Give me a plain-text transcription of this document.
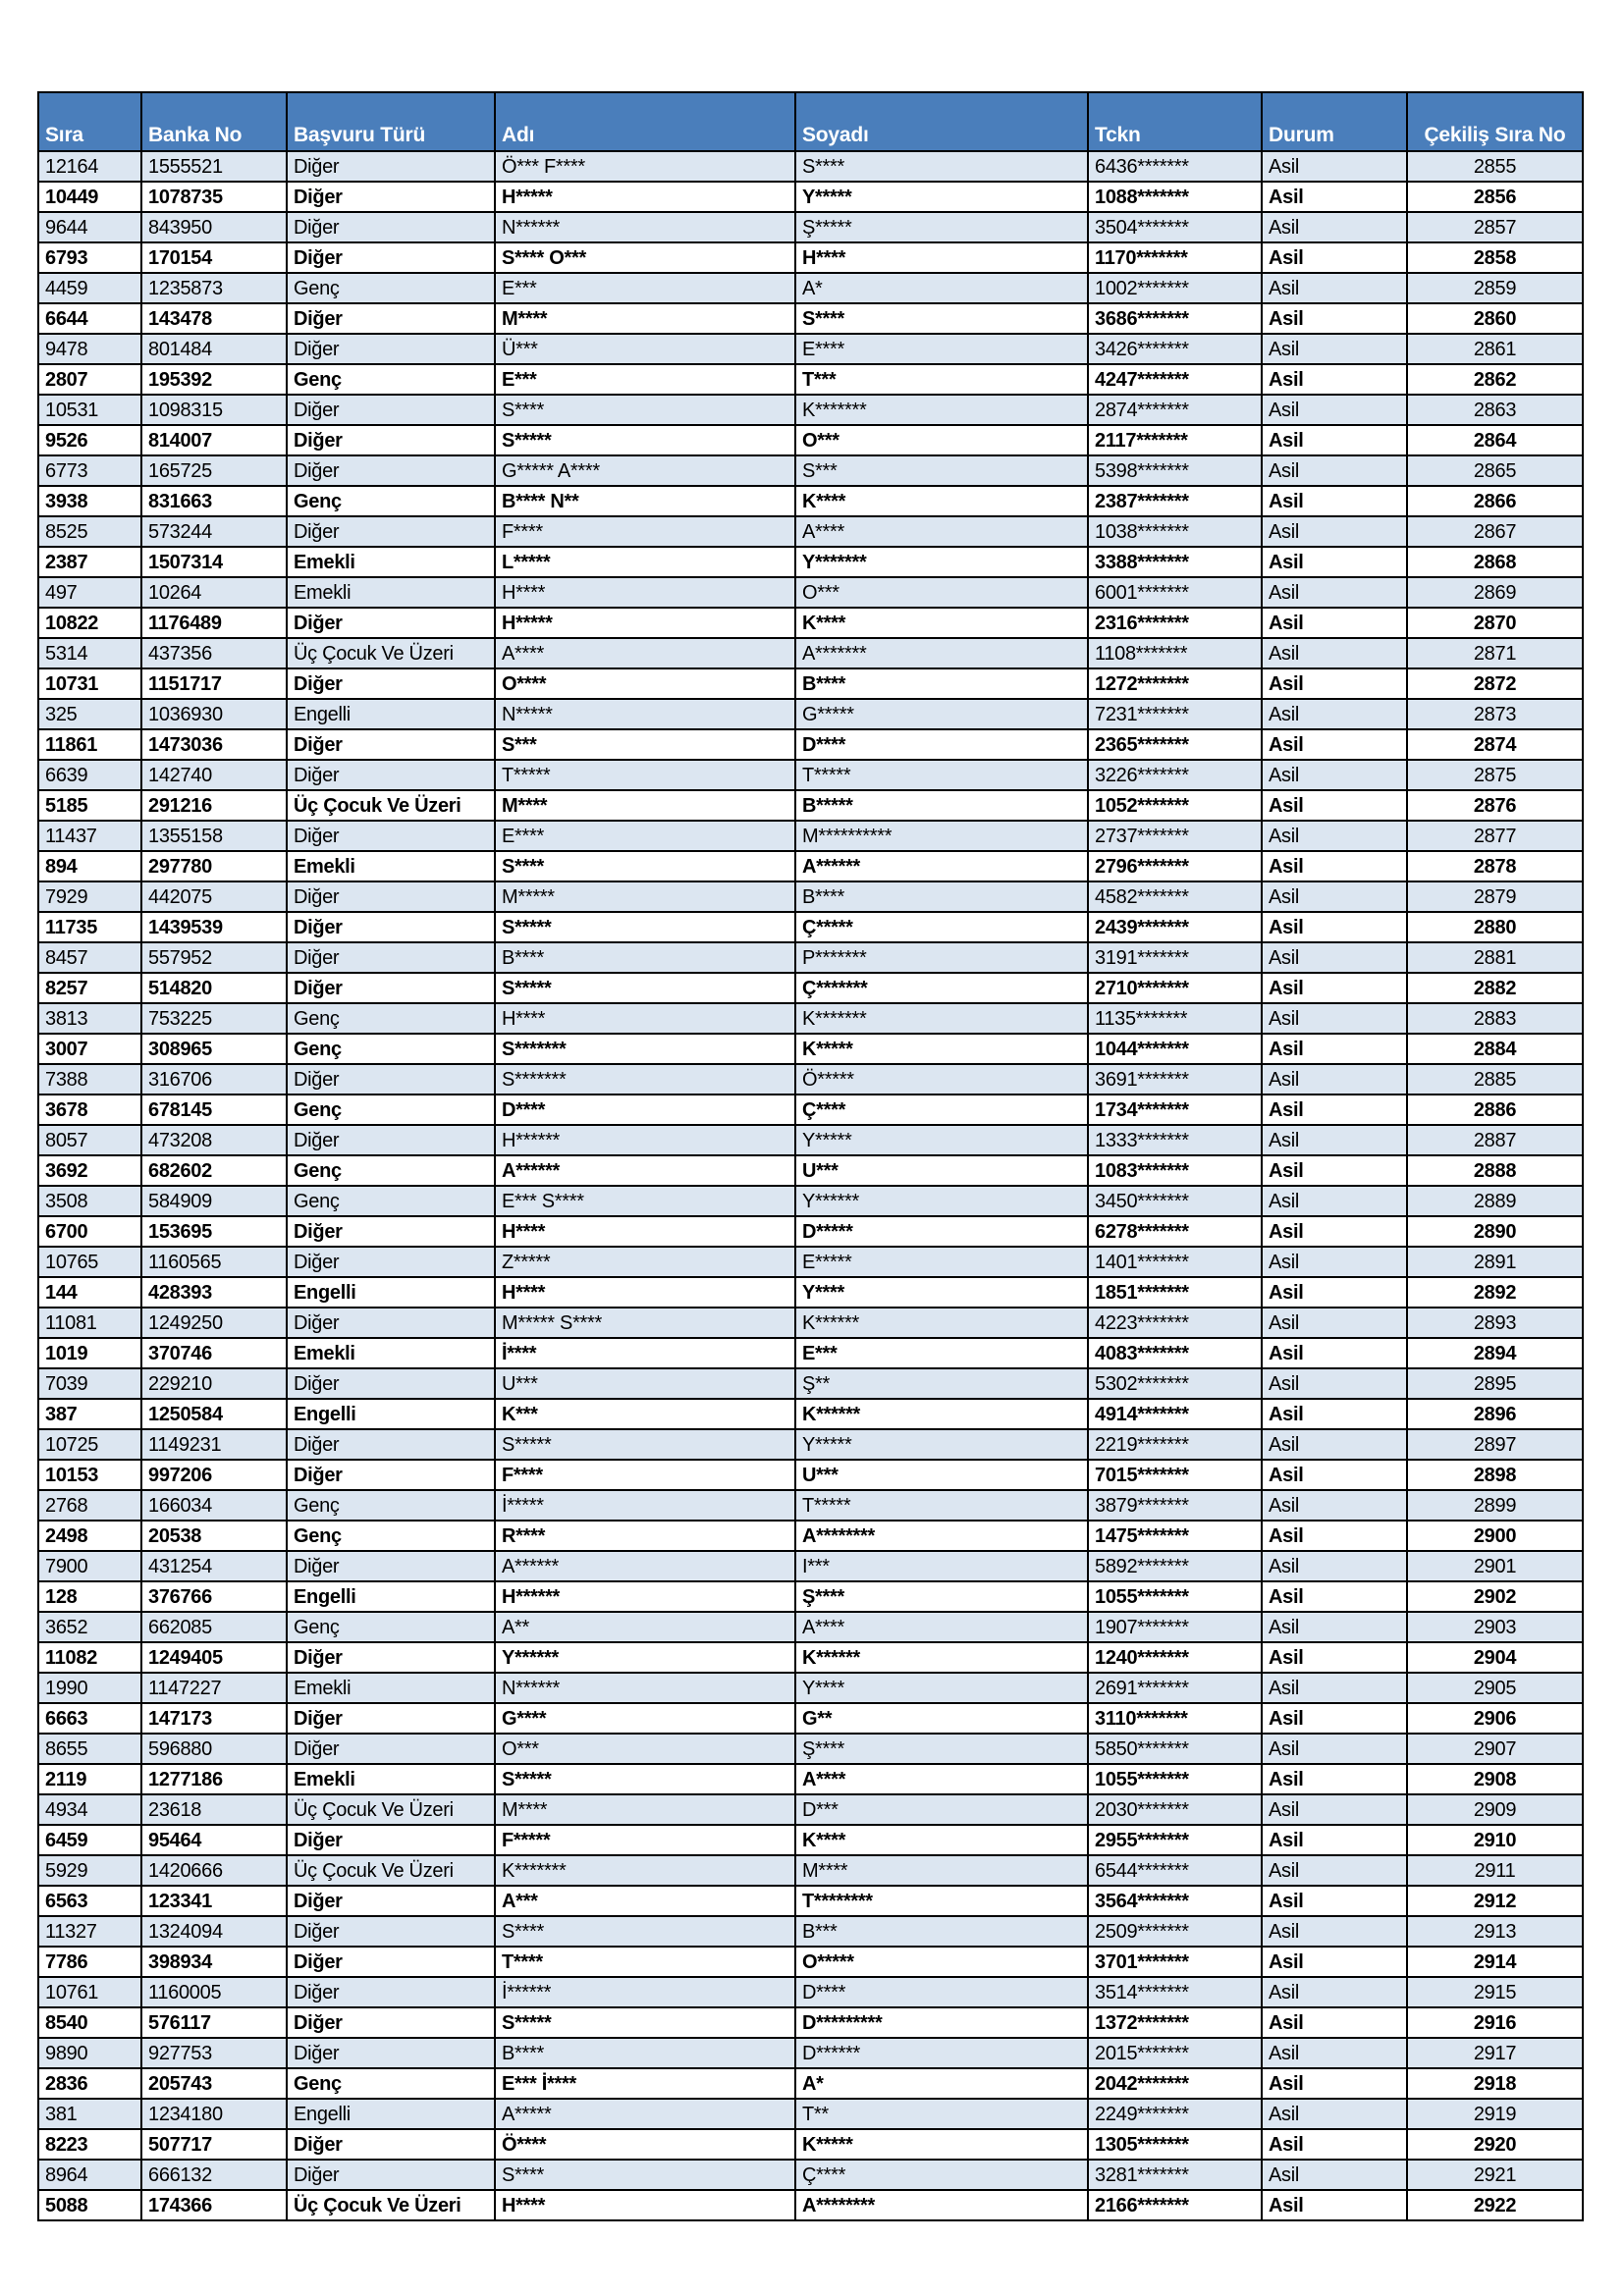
Sıra	Banka No	Başvuru Türü	Adı	Soyadı	Tckn	Durum	Çekiliş Sıra No
12164	1555521	Diğer	Ö*** F****	S****	6436*******	Asil	2855
10449	1078735	Diğer	H*****	Y*****	1088*******	Asil	2856
9644	843950	Diğer	N******	Ş*****	3504*******	Asil	2857
6793	170154	Diğer	S**** O***	H****	1170*******	Asil	2858
4459	1235873	Genç	E***	A*	1002*******	Asil	2859
6644	143478	Diğer	M****	S****	3686*******	Asil	2860
9478	801484	Diğer	Ü***	E****	3426*******	Asil	2861
2807	195392	Genç	E***	T***	4247*******	Asil	2862
10531	1098315	Diğer	S****	K*******	2874*******	Asil	2863
9526	814007	Diğer	S*****	O***	2117*******	Asil	2864
6773	165725	Diğer	G***** A****	S***	5398*******	Asil	2865
3938	831663	Genç	B**** N**	K****	2387*******	Asil	2866
8525	573244	Diğer	F****	A****	1038*******	Asil	2867
2387	1507314	Emekli	L*****	Y*******	3388*******	Asil	2868
497	10264	Emekli	H****	O***	6001*******	Asil	2869
10822	1176489	Diğer	H*****	K****	2316*******	Asil	2870
5314	437356	Üç Çocuk Ve Üzeri	A****	A*******	1108*******	Asil	2871
10731	1151717	Diğer	O****	B****	1272*******	Asil	2872
325	1036930	Engelli	N*****	G*****	7231*******	Asil	2873
11861	1473036	Diğer	S***	D****	2365*******	Asil	2874
6639	142740	Diğer	T*****	T*****	3226*******	Asil	2875
5185	291216	Üç Çocuk Ve Üzeri	M****	B*****	1052*******	Asil	2876
11437	1355158	Diğer	E****	M**********	2737*******	Asil	2877
894	297780	Emekli	S****	A******	2796*******	Asil	2878
7929	442075	Diğer	M*****	B****	4582*******	Asil	2879
11735	1439539	Diğer	S*****	Ç*****	2439*******	Asil	2880
8457	557952	Diğer	B****	P*******	3191*******	Asil	2881
8257	514820	Diğer	S*****	Ç*******	2710*******	Asil	2882
3813	753225	Genç	H****	K*******	1135*******	Asil	2883
3007	308965	Genç	S*******	K*****	1044*******	Asil	2884
7388	316706	Diğer	S*******	Ö*****	3691*******	Asil	2885
3678	678145	Genç	D****	Ç****	1734*******	Asil	2886
8057	473208	Diğer	H******	Y*****	1333*******	Asil	2887
3692	682602	Genç	A******	U***	1083*******	Asil	2888
3508	584909	Genç	E*** S****	Y******	3450*******	Asil	2889
6700	153695	Diğer	H****	D*****	6278*******	Asil	2890
10765	1160565	Diğer	Z*****	E*****	1401*******	Asil	2891
144	428393	Engelli	H****	Y****	1851*******	Asil	2892
11081	1249250	Diğer	M***** S****	K******	4223*******	Asil	2893
1019	370746	Emekli	İ****	E***	4083*******	Asil	2894
7039	229210	Diğer	U***	Ş**	5302*******	Asil	2895
387	1250584	Engelli	K***	K******	4914*******	Asil	2896
10725	1149231	Diğer	S*****	Y*****	2219*******	Asil	2897
10153	997206	Diğer	F****	U***	7015*******	Asil	2898
2768	166034	Genç	İ*****	T*****	3879*******	Asil	2899
2498	20538	Genç	R****	A********	1475*******	Asil	2900
7900	431254	Diğer	A******	I***	5892*******	Asil	2901
128	376766	Engelli	H******	Ş****	1055*******	Asil	2902
3652	662085	Genç	A**	A****	1907*******	Asil	2903
11082	1249405	Diğer	Y******	K******	1240*******	Asil	2904
1990	1147227	Emekli	N******	Y****	2691*******	Asil	2905
6663	147173	Diğer	G****	G**	3110*******	Asil	2906
8655	596880	Diğer	O***	Ş****	5850*******	Asil	2907
2119	1277186	Emekli	S*****	A****	1055*******	Asil	2908
4934	23618	Üç Çocuk Ve Üzeri	M****	D***	2030*******	Asil	2909
6459	95464	Diğer	F*****	K****	2955*******	Asil	2910
5929	1420666	Üç Çocuk Ve Üzeri	K*******	M****	6544*******	Asil	2911
6563	123341	Diğer	A***	T********	3564*******	Asil	2912
11327	1324094	Diğer	S****	B***	2509*******	Asil	2913
7786	398934	Diğer	T****	O*****	3701*******	Asil	2914
10761	1160005	Diğer	İ******	D****	3514*******	Asil	2915
8540	576117	Diğer	S*****	D*********	1372*******	Asil	2916
9890	927753	Diğer	B****	D******	2015*******	Asil	2917
2836	205743	Genç	E*** İ****	A*	2042*******	Asil	2918
381	1234180	Engelli	A*****	T**	2249*******	Asil	2919
8223	507717	Diğer	Ö****	K*****	1305*******	Asil	2920
8964	666132	Diğer	S****	Ç****	3281*******	Asil	2921
5088	174366	Üç Çocuk Ve Üzeri	H****	A********	2166*******	Asil	2922
